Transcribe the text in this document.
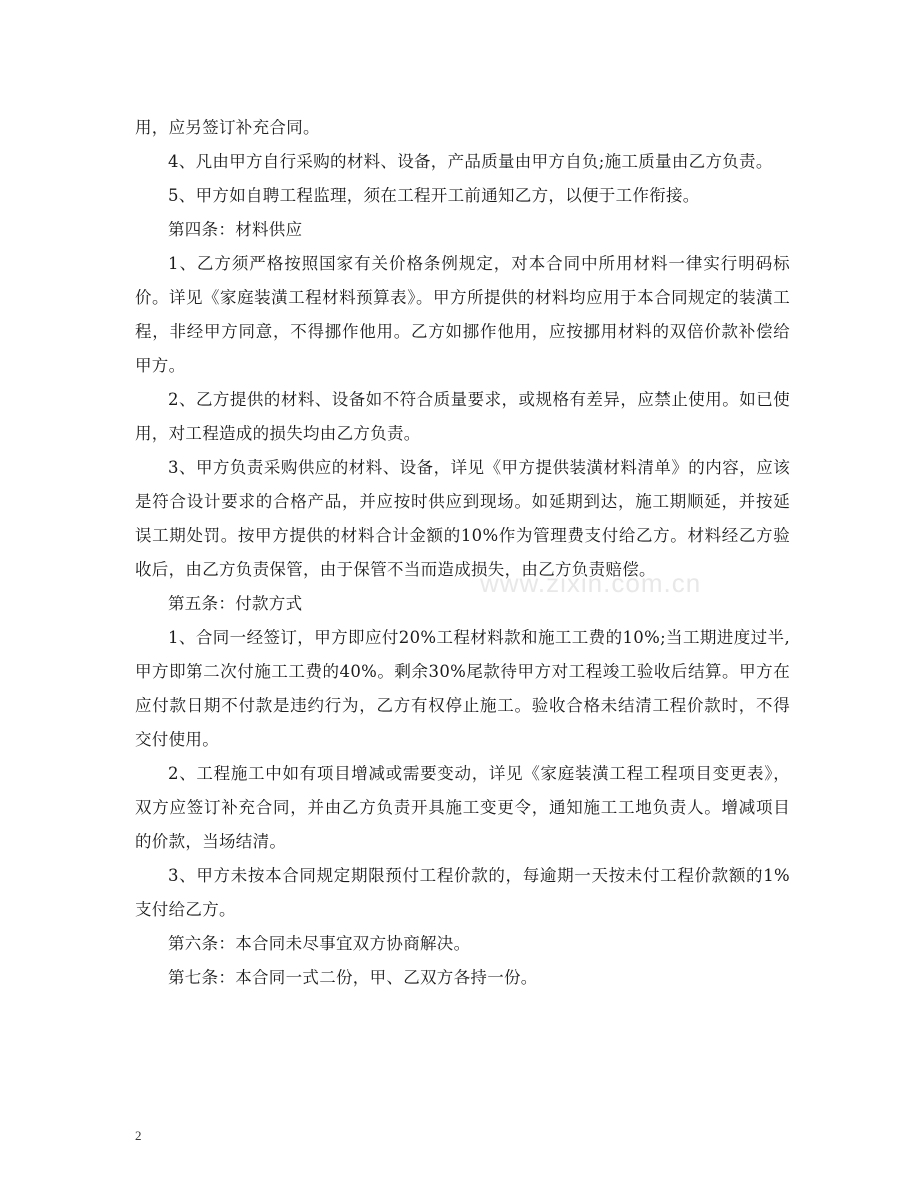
用，应另签订补充合同。

4、凡由甲方自行采购的材料、设备，产品质量由甲方自负;施工质量由乙方负责。

5、甲方如自聘工程监理，须在工程开工前通知乙方，以便于工作衔接。

第四条：材料供应

1、乙方须严格按照国家有关价格条例规定，对本合同中所用材料一律实行明码标价。详见《家庭装潢工程材料预算表》。甲方所提供的材料均应用于本合同规定的装潢工程，非经甲方同意，不得挪作他用。乙方如挪作他用，应按挪用材料的双倍价款补偿给甲方。

2、乙方提供的材料、设备如不符合质量要求，或规格有差异，应禁止使用。如已使用，对工程造成的损失均由乙方负责。

3、甲方负责采购供应的材料、设备，详见《甲方提供装潢材料清单》的内容，应该是符合设计要求的合格产品，并应按时供应到现场。如延期到达，施工期顺延，并按延误工期处罚。按甲方提供的材料合计金额的10%作为管理费支付给乙方。材料经乙方验收后，由乙方负责保管，由于保管不当而造成损失，由乙方负责赔偿。

第五条：付款方式

1、合同一经签订，甲方即应付20%工程材料款和施工工费的10%;当工期进度过半,甲方即第二次付施工工费的40%。剩余30%尾款待甲方对工程竣工验收后结算。甲方在应付款日期不付款是违约行为，乙方有权停止施工。验收合格未结清工程价款时，不得交付使用。

2、工程施工中如有项目增减或需要变动，详见《家庭装潢工程工程项目变更表》，双方应签订补充合同，并由乙方负责开具施工变更令，通知施工工地负责人。增减项目的价款，当场结清。

3、甲方未按本合同规定期限预付工程价款的，每逾期一天按未付工程价款额的1%支付给乙方。

第六条：本合同未尽事宜双方协商解决。

第七条：本合同一式二份，甲、乙双方各持一份。

www.zixin.com.cn
2
